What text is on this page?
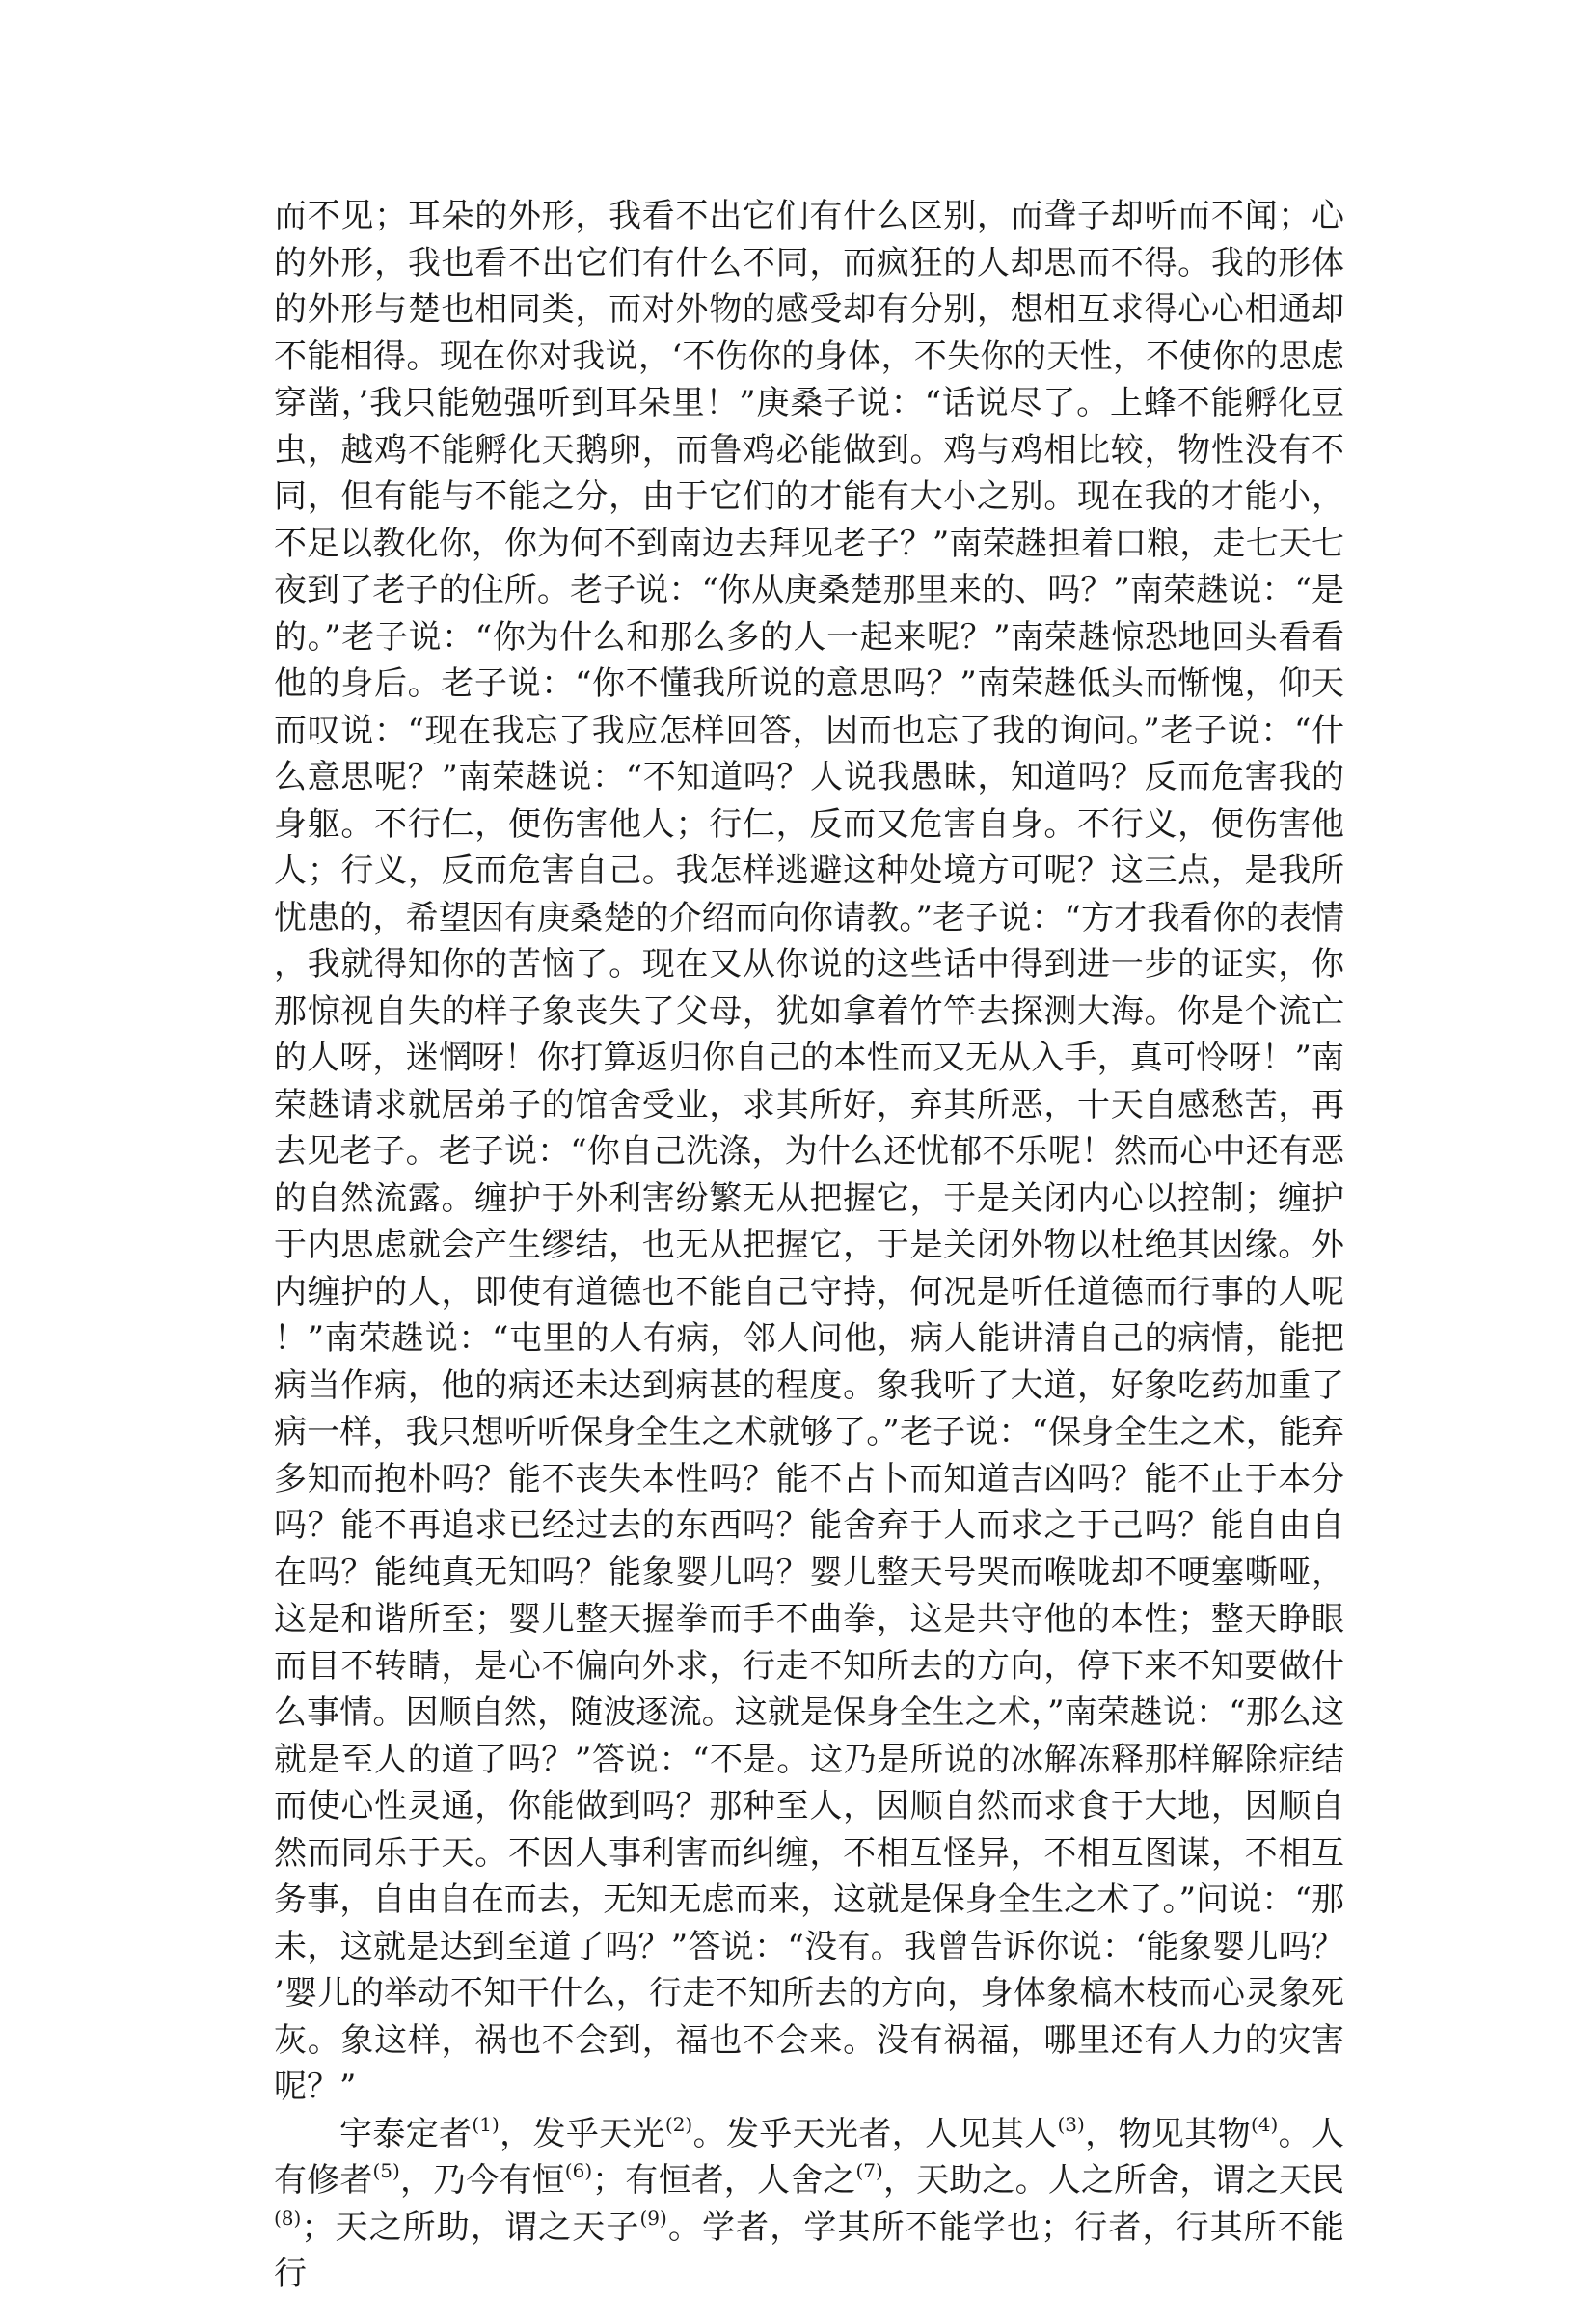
而不见；耳朵的外形，我看不出它们有什么区别，而聋子却听而不闻；心的外形，我也看不出它们有什么不同，而疯狂的人却思而不得。我的形体的外形与楚也相同类，而对外物的感受却有分别，想相互求得心心相通却不能相得。现在你对我说，‘不伤你的身体，不失你的天性，不使你的思虑穿凿，’我只能勉强听到耳朵里！”庚桑子说：“话说尽了。上蜂不能孵化豆虫，越鸡不能孵化天鹅卵，而鲁鸡必能做到。鸡与鸡相比较，物性没有不同，但有能与不能之分，由于它们的才能有大小之别。现在我的才能小，不足以教化你，你为何不到南边去拜见老子？”南荣趎担着口粮，走七天七夜到了老子的住所。老子说：“你从庚桑楚那里来的、吗？”南荣趎说：“是的。”老子说：“你为什么和那么多的人一起来呢？”南荣趎惊恐地回头看看他的身后。老子说：“你不懂我所说的意思吗？”南荣趎低头而惭愧，仰天而叹说：“现在我忘了我应怎样回答，因而也忘了我的询问。”老子说：“什么意思呢？”南荣趎说：“不知道吗？人说我愚昧，知道吗？反而危害我的身躯。不行仁，便伤害他人；行仁，反而又危害自身。不行义，便伤害他人；行义，反而危害自己。我怎样逃避这种处境方可呢？这三点，是我所忧患的，希望因有庚桑楚的介绍而向你请教。”老子说：“方才我看你的表情，我就得知你的苦恼了。现在又从你说的这些话中得到进一步的证实，你那惊视自失的样子象丧失了父母，犹如拿着竹竿去探测大海。你是个流亡的人呀，迷惘呀！你打算返归你自己的本性而又无从入手，真可怜呀！”南荣趎请求就居弟子的馆舍受业，求其所好，弃其所恶，十天自感愁苦，再去见老子。老子说：“你自己洗涤，为什么还忧郁不乐呢！然而心中还有恶的自然流露。缠护于外利害纷繁无从把握它，于是关闭内心以控制；缠护于内思虑就会产生缪结，也无从把握它，于是关闭外物以杜绝其因缘。外内缠护的人，即使有道德也不能自己守持，何况是听任道德而行事的人呢！”南荣趎说：“屯里的人有病，邻人问他，病人能讲清自己的病情，能把病当作病，他的病还未达到病甚的程度。象我听了大道，好象吃药加重了病一样，我只想听听保身全生之术就够了。”老子说：“保身全生之术，能弃多知而抱朴吗？能不丧失本性吗？能不占卜而知道吉凶吗？能不止于本分吗？能不再追求已经过去的东西吗？能舍弃于人而求之于己吗？能自由自在吗？能纯真无知吗？能象婴儿吗？婴儿整天号哭而喉咙却不哽塞嘶哑，这是和谐所至；婴儿整天握拳而手不曲拳，这是共守他的本性；整天睁眼而目不转睛，是心不偏向外求，行走不知所去的方向，停下来不知要做什么事情。因顺自然，随波逐流。这就是保身全生之术，”南荣趎说：“那么这就是至人的道了吗？”答说：“不是。这乃是所说的冰解冻释那样解除症结而使心性灵通，你能做到吗？那种至人，因顺自然而求食于大地，因顺自然而同乐于天。不因人事利害而纠缠，不相互怪异，不相互图谋，不相互务事，自由自在而去，无知无虑而来，这就是保身全生之术了。”问说：“那未，这就是达到至道了吗？”答说：“没有。我曾告诉你说：‘能象婴儿吗？’婴儿的举动不知干什么，行走不知所去的方向，身体象槁木枝而心灵象死灰。象这样，祸也不会到，福也不会来。没有祸福，哪里还有人力的灾害呢？”

宇泰定者$^{(1)}$，发乎天光$^{(2)}$。发乎天光者，人见其人$^{(3)}$，物见其物$^{(4)}$。人有修者$^{(5)}$，乃今有恒$^{(6)}$；有恒者，人舍之$^{(7)}$，天助之。人之所舍，谓之天民$^{(8)}$；天之所助，谓之天子$^{(9)}$。学者，学其所不能学也；行者，行其所不能行
